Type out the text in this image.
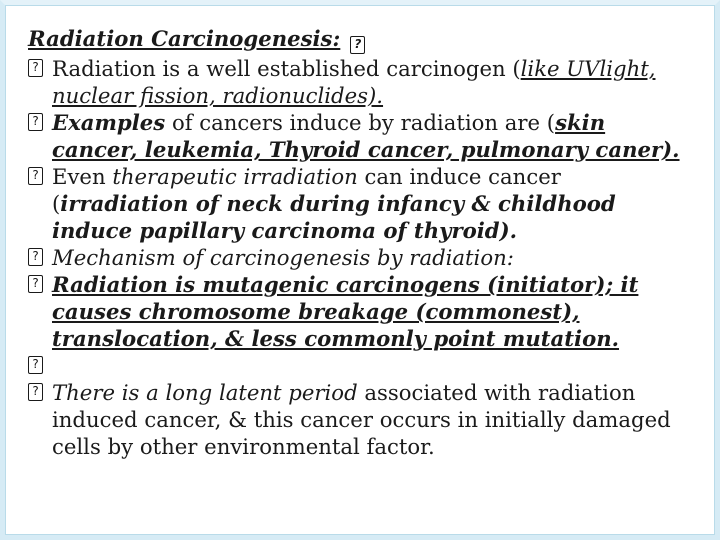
Radiation Carcinogenesis: ?
? Radiation is a well established carcinogen (like UVlight,
nuclear fission, radionuclides).
? Examples of cancers induce by radiation are (skin
cancer, leukemia, Thyroid cancer, pulmonary caner).
? Even therapeutic irradiation can induce cancer
(irradiation of neck during infancy & childhood
induce papillary carcinoma of thyroid).
? Mechanism of carcinogenesis by radiation:
? Radiation is mutagenic carcinogens (initiator); it
causes chromosome breakage (commonest),
translocation, & less commonly point mutation.
?
? There is a long latent period associated with radiation
induced cancer, & this cancer occurs in initially damaged
cells by other environmental factor.
